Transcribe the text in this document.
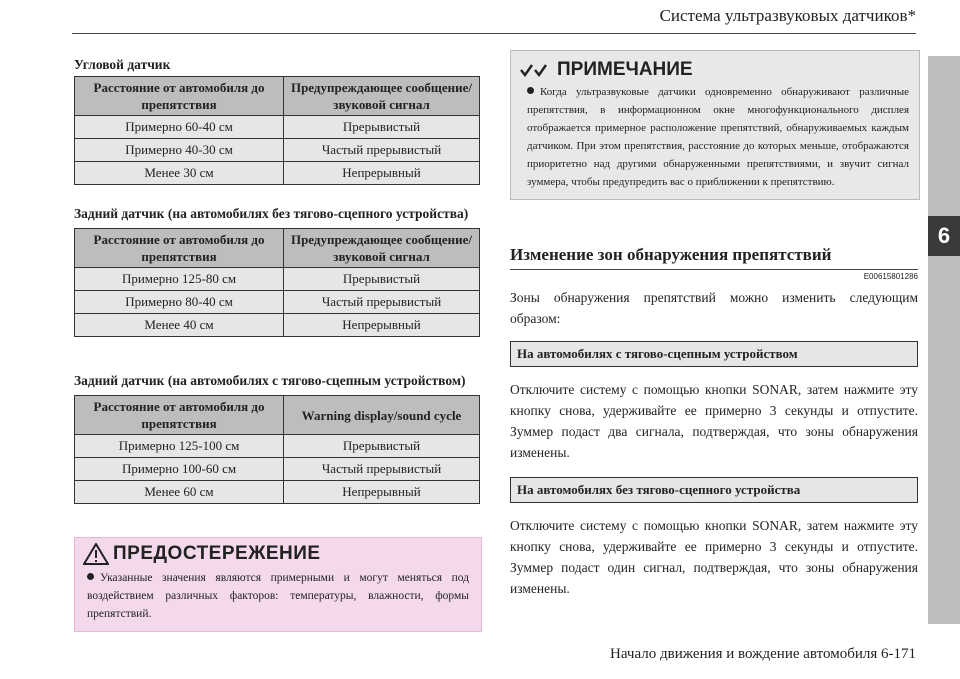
Система ультразвуковых датчиков*
6
Угловой датчик
Расстояние от автомобиля до препятствия	Предупреждающее сообщение/звуковой сигнал
Примерно 60-40 см	Прерывистый
Примерно 40-30 см	Частый прерывистый
Менее 30 см	Непрерывный
Задний датчик (на автомобилях без тягово-сцепного устройства)
Расстояние от автомобиля до препятствия	Предупреждающее сообщение/звуковой сигнал
Примерно 125-80 см	Прерывистый
Примерно 80-40 см	Частый прерывистый
Менее 40 см	Непрерывный
Задний датчик (на автомобилях с тягово-сцепным устройством)
Расстояние от автомобиля до препятствия	Warning display/sound cycle
Примерно 125-100 см	Прерывистый
Примерно 100-60 см	Частый прерывистый
Менее 60 см	Непрерывный
ПРЕДОСТЕРЕЖЕНИЕ
Указанные значения являются примерными и могут меняться под воздействием различных факторов: температуры, влажности, формы препятствий.
ПРИМЕЧАНИЕ
Когда ультразвуковые датчики одновременно обнаруживают различные препятствия, в информационном окне многофункционального дисплея отображается примерное расположение препятствий, обнаруживаемых каждым датчиком. При этом препятствия, расстояние до которых меньше, отображаются приоритетно над другими обнаруженными препятствиями, и звучит сигнал зуммера, чтобы предупредить вас о приближении к препятствию.
Изменение зон обнаружения препятствий
E00615801286
Зоны обнаружения препятствий можно изменить следующим образом:
На автомобилях с тягово-сцепным устройством
Отключите систему с помощью кнопки SONAR, затем нажмите эту кнопку снова, удерживайте ее примерно 3 секунды и отпустите. Зуммер подаст два сигнала, подтверждая, что зоны обнаружения изменены.
На автомобилях без тягово-сцепного устройства
Отключите систему с помощью кнопки SONAR, затем нажмите эту кнопку снова, удерживайте ее примерно 3 секунды и отпустите. Зуммер подаст один сигнал, подтверждая, что зоны обнаружения изменены.
Начало движения и вождение автомобиля 6-171
